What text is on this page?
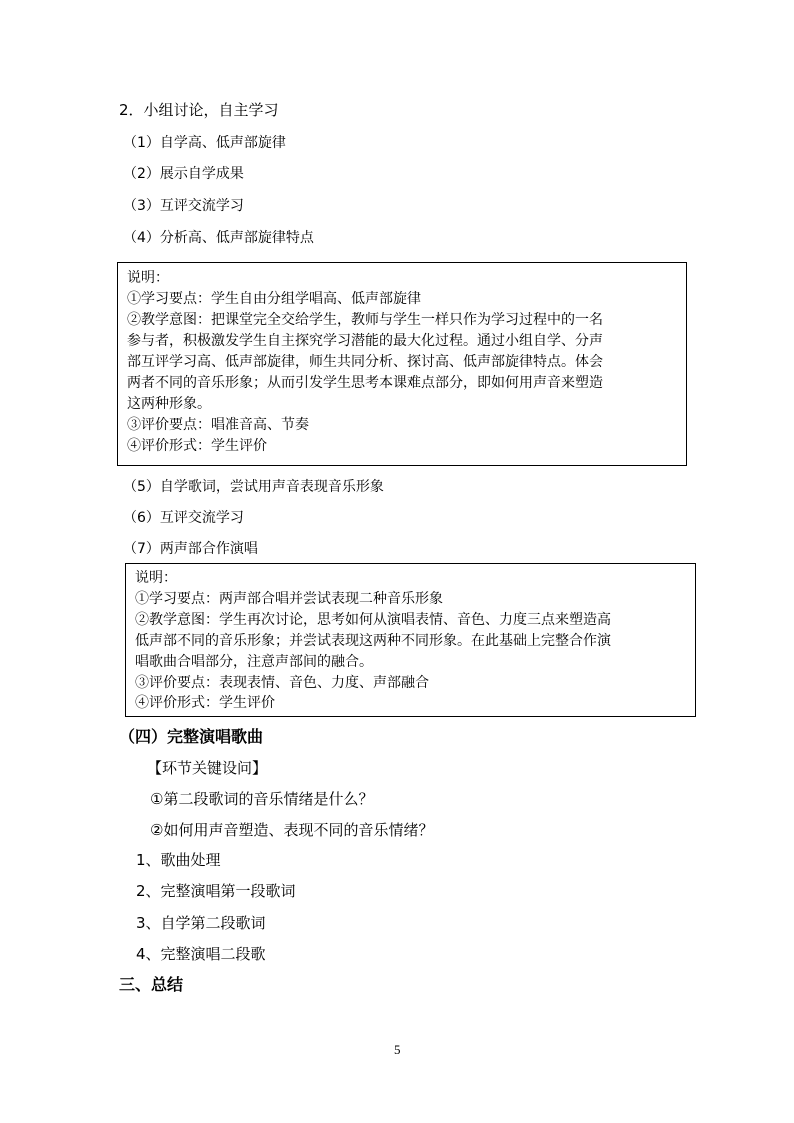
2．小组讨论，自主学习
（1）自学高、低声部旋律
（2）展示自学成果
（3）互评交流学习
（4）分析高、低声部旋律特点
说明：
①学习要点：学生自由分组学唱高、低声部旋律
②教学意图：把课堂完全交给学生，教师与学生一样只作为学习过程中的一名
参与者，积极激发学生自主探究学习潜能的最大化过程。通过小组自学、分声
部互评学习高、低声部旋律，师生共同分析、探讨高、低声部旋律特点。体会
两者不同的音乐形象；从而引发学生思考本课难点部分，即如何用声音来塑造
这两种形象。
③评价要点：唱准音高、节奏
④评价形式：学生评价
（5）自学歌词，尝试用声音表现音乐形象
（6）互评交流学习
（7）两声部合作演唱
说明：
①学习要点：两声部合唱并尝试表现二种音乐形象
②教学意图：学生再次讨论，思考如何从演唱表情、音色、力度三点来塑造高
低声部不同的音乐形象；并尝试表现这两种不同形象。在此基础上完整合作演
唱歌曲合唱部分，注意声部间的融合。
③评价要点：表现表情、音色、力度、声部融合
④评价形式：学生评价
（四）完整演唱歌曲
【环节关键设问】
①第二段歌词的音乐情绪是什么？
②如何用声音塑造、表现不同的音乐情绪？
1、歌曲处理
2、完整演唱第一段歌词
3、自学第二段歌词
4、完整演唱二段歌
三、总结
5
